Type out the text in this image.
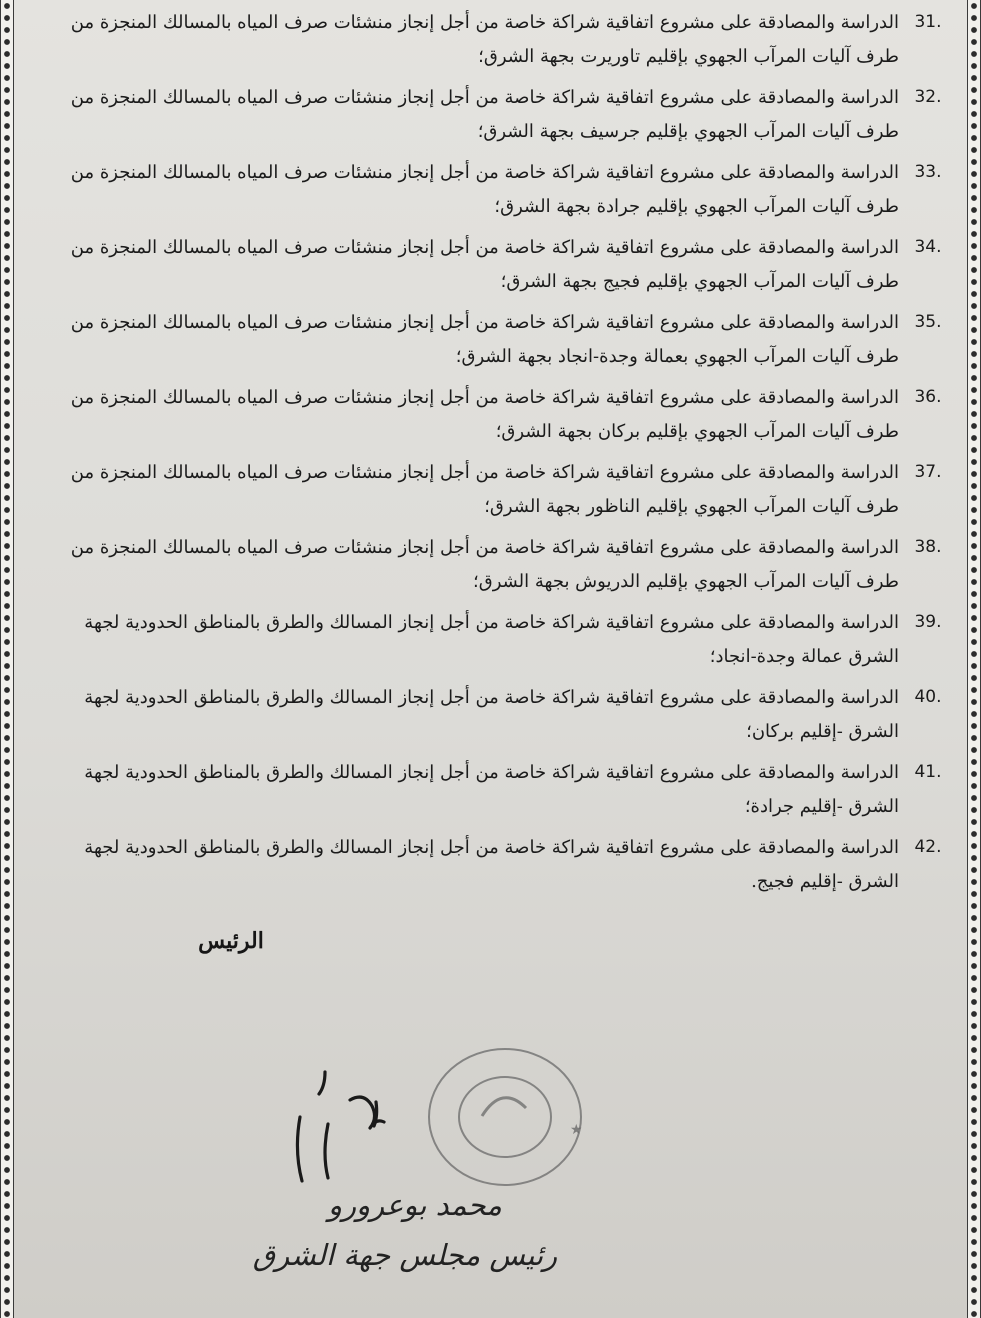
31.
الدراسة والمصادقة على مشروع اتفاقية شراكة خاصة من أجل إنجاز منشئات صرف المياه بالمسالك المنجزة من
طرف آليات المرآب الجهوي بإقليم تاوريرت بجهة الشرق؛
32.
الدراسة والمصادقة على مشروع اتفاقية شراكة خاصة من أجل إنجاز منشئات صرف المياه بالمسالك المنجزة من
طرف آليات المرآب الجهوي بإقليم جرسيف بجهة الشرق؛
33.
الدراسة والمصادقة على مشروع اتفاقية شراكة خاصة من أجل إنجاز منشئات صرف المياه بالمسالك المنجزة من
طرف آليات المرآب الجهوي بإقليم جرادة بجهة الشرق؛
34.
الدراسة والمصادقة على مشروع اتفاقية شراكة خاصة من أجل إنجاز منشئات صرف المياه بالمسالك المنجزة من
طرف آليات المرآب الجهوي بإقليم فجيج بجهة الشرق؛
35.
الدراسة والمصادقة على مشروع اتفاقية شراكة خاصة من أجل إنجاز منشئات صرف المياه بالمسالك المنجزة من
طرف آليات المرآب الجهوي بعمالة وجدة-انجاد بجهة الشرق؛
36.
الدراسة والمصادقة على مشروع اتفاقية شراكة خاصة من أجل إنجاز منشئات صرف المياه بالمسالك المنجزة من
طرف آليات المرآب الجهوي بإقليم بركان بجهة الشرق؛
37.
الدراسة والمصادقة على مشروع اتفاقية شراكة خاصة من أجل إنجاز منشئات صرف المياه بالمسالك المنجزة من
طرف آليات المرآب الجهوي بإقليم الناظور بجهة الشرق؛
38.
الدراسة والمصادقة على مشروع اتفاقية شراكة خاصة من أجل إنجاز منشئات صرف المياه بالمسالك المنجزة من
طرف آليات المرآب الجهوي بإقليم الدريوش بجهة الشرق؛
39.
الدراسة والمصادقة على مشروع اتفاقية شراكة خاصة من أجل إنجاز المسالك والطرق بالمناطق الحدودية لجهة
الشرق عمالة وجدة-انجاد؛
40.
الدراسة والمصادقة على مشروع اتفاقية شراكة خاصة من أجل إنجاز المسالك والطرق بالمناطق الحدودية لجهة
الشرق -إقليم بركان؛
41.
الدراسة والمصادقة على مشروع اتفاقية شراكة خاصة من أجل إنجاز المسالك والطرق بالمناطق الحدودية لجهة
الشرق -إقليم جرادة؛
42.
الدراسة والمصادقة على مشروع اتفاقية شراكة خاصة من أجل إنجاز المسالك والطرق بالمناطق الحدودية لجهة
الشرق -إقليم فجيج.
الرئيس
★
محمد بوعرورو
رئيس مجلس جهة الشرق
